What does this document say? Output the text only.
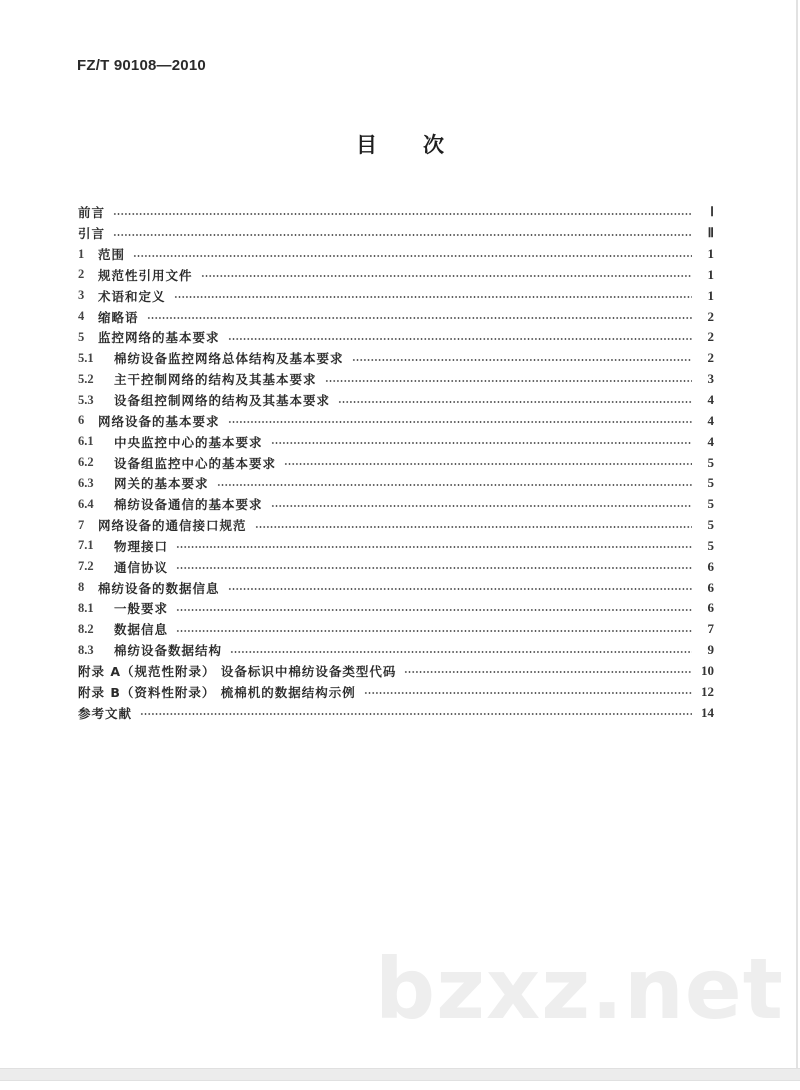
FZ/T 90108—2010
目 次
前言	Ⅰ
引言	Ⅱ
1	范围	1
2	规范性引用文件	1
3	术语和定义	1
4	缩略语	2
5	监控网络的基本要求	2
5.1	棉纺设备监控网络总体结构及基本要求	2
5.2	主干控制网络的结构及其基本要求	3
5.3	设备组控制网络的结构及其基本要求	4
6	网络设备的基本要求	4
6.1	中央监控中心的基本要求	4
6.2	设备组监控中心的基本要求	5
6.3	网关的基本要求	5
6.4	棉纺设备通信的基本要求	5
7	网络设备的通信接口规范	5
7.1	物理接口	5
7.2	通信协议	6
8	棉纺设备的数据信息	6
8.1	一般要求	6
8.2	数据信息	7
8.3	棉纺设备数据结构	9
附录 A（规范性附录） 设备标识中棉纺设备类型代码	10
附录 B（资料性附录） 梳棉机的数据结构示例	12
参考文献	14
bzxz.net
